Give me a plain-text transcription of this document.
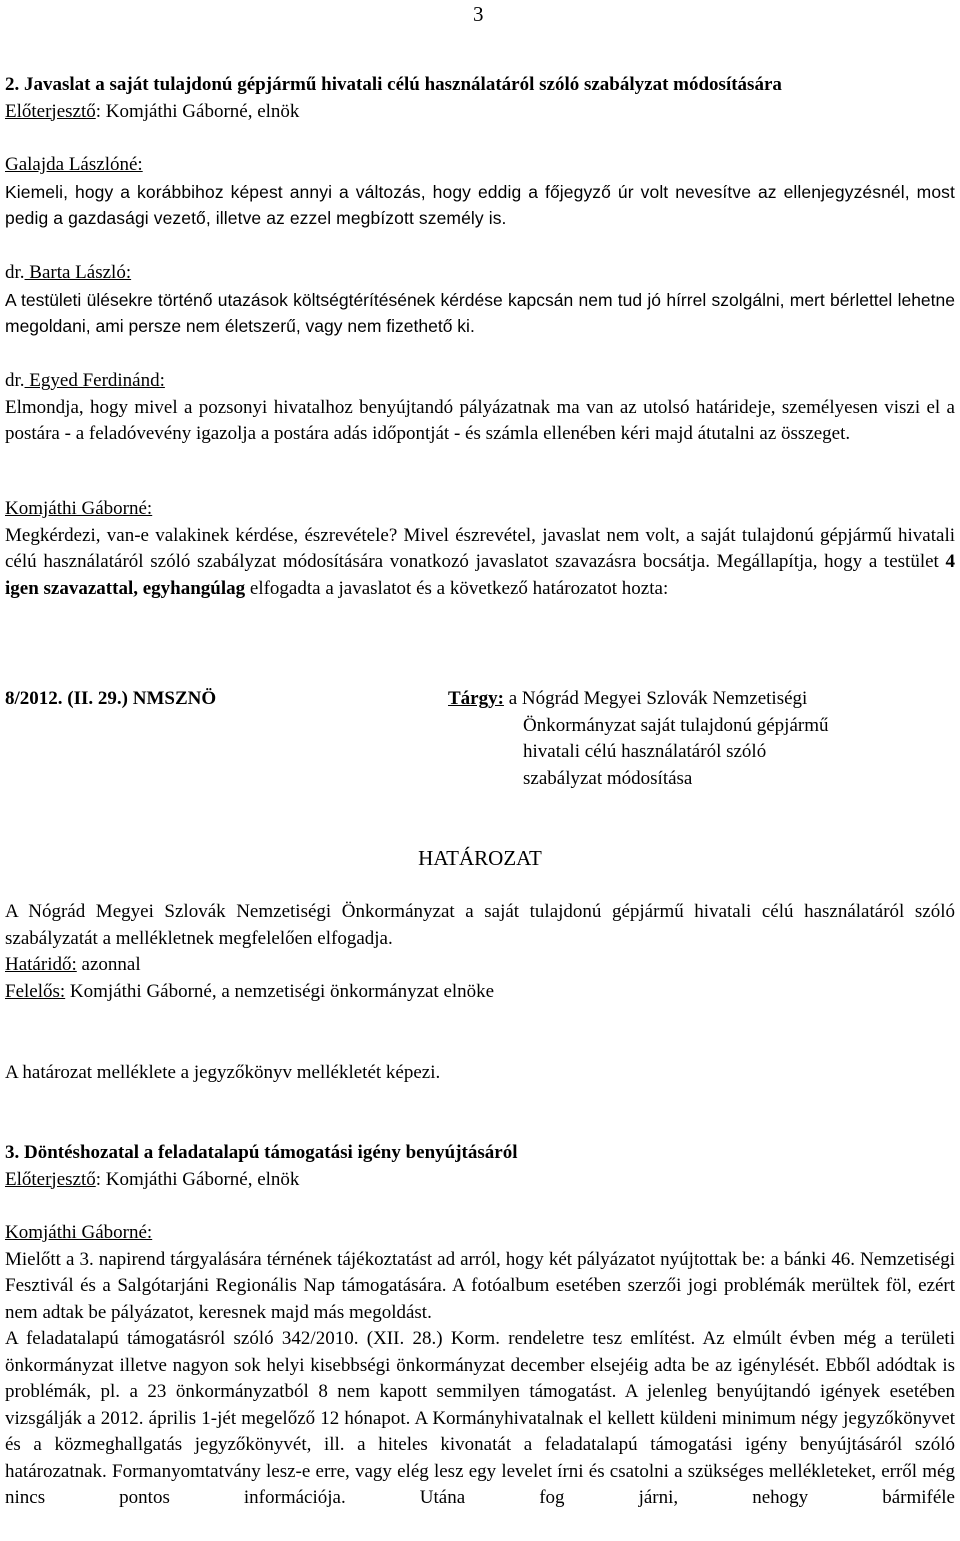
3

2. Javaslat a saját tulajdonú gépjármű hivatali célú használatáról szóló szabályzat módosítására

Előterjesztő: Komjáthi Gáborné, elnök

Galajda Lászlóné:

Kiemeli, hogy a korábbihoz képest annyi a változás, hogy eddig a főjegyző úr volt nevesítve az ellenjegyzésnél, most pedig a gazdasági vezető, illetve az ezzel megbízott személy is.

dr. Barta László:

A testületi ülésekre történő utazások költségtérítésének kérdése kapcsán nem tud jó hírrel szolgálni, mert bérlettel lehetne megoldani, ami persze nem életszerű, vagy nem fizethető ki.

dr. Egyed Ferdinánd:

Elmondja, hogy mivel a pozsonyi hivatalhoz benyújtandó pályázatnak ma van az utolsó határideje, személyesen viszi el a postára - a feladóvevény igazolja a postára adás időpontját - és számla ellenében kéri majd átutalni az összeget.

Komjáthi Gáborné:

Megkérdezi, van-e valakinek kérdése, észrevétele? Mivel észrevétel, javaslat nem volt, a saját tulajdonú gépjármű hivatali célú használatáról szóló szabályzat módosítására vonatkozó javaslatot szavazásra bocsátja. Megállapítja, hogy a testület 4 igen szavazattal, egyhangúlag elfogadta a javaslatot és a következő határozatot hozta:

8/2012. (II. 29.) NMSZNÖ	Tárgy: a Nógrád Megyei Szlovák Nemzetiségi

Önkormányzat saját tulajdonú gépjármű

hivatali célú használatáról szóló

szabályzat módosítása

HATÁROZAT

A Nógrád Megyei Szlovák Nemzetiségi Önkormányzat a saját tulajdonú gépjármű hivatali célú használatáról szóló szabályzatát a mellékletnek megfelelően elfogadja.

Határidő: azonnal

Felelős: Komjáthi Gáborné, a nemzetiségi önkormányzat elnöke

A határozat melléklete a jegyzőkönyv mellékletét képezi.

3. Döntéshozatal a feladatalapú támogatási igény benyújtásáról

Előterjesztő: Komjáthi Gáborné, elnök

Komjáthi Gáborné:

Mielőtt a 3. napirend tárgyalására térnének tájékoztatást ad arról, hogy két pályázatot nyújtottak be: a bánki 46. Nemzetiségi Fesztivál és a Salgótarjáni Regionális Nap támogatására. A fotóalbum esetében szerzői jogi problémák merültek föl, ezért nem adtak be pályázatot, keresnek majd más megoldást.

A feladatalapú támogatásról szóló 342/2010. (XII. 28.) Korm. rendeletre tesz említést. Az elmúlt évben még a területi önkormányzat illetve nagyon sok helyi kisebbségi önkormányzat december elsejéig adta be az igénylését. Ebből adódtak is problémák, pl. a 23 önkormányzatból 8 nem kapott semmilyen támogatást. A jelenleg benyújtandó igények esetében vizsgálják a 2012. április 1-jét megelőző 12 hónapot. A Kormányhivatalnak el kellett küldeni minimum négy jegyzőkönyvet és a közmeghallgatás jegyzőkönyvét, ill. a hiteles kivonatát a feladatalapú támogatási igény benyújtásáról szóló határozatnak. Formanyomtatvány lesz-e erre, vagy elég lesz egy levelet írni és csatolni a szükséges mellékleteket, erről még nincs pontos információja. Utána fog járni, nehogy bármiféle
